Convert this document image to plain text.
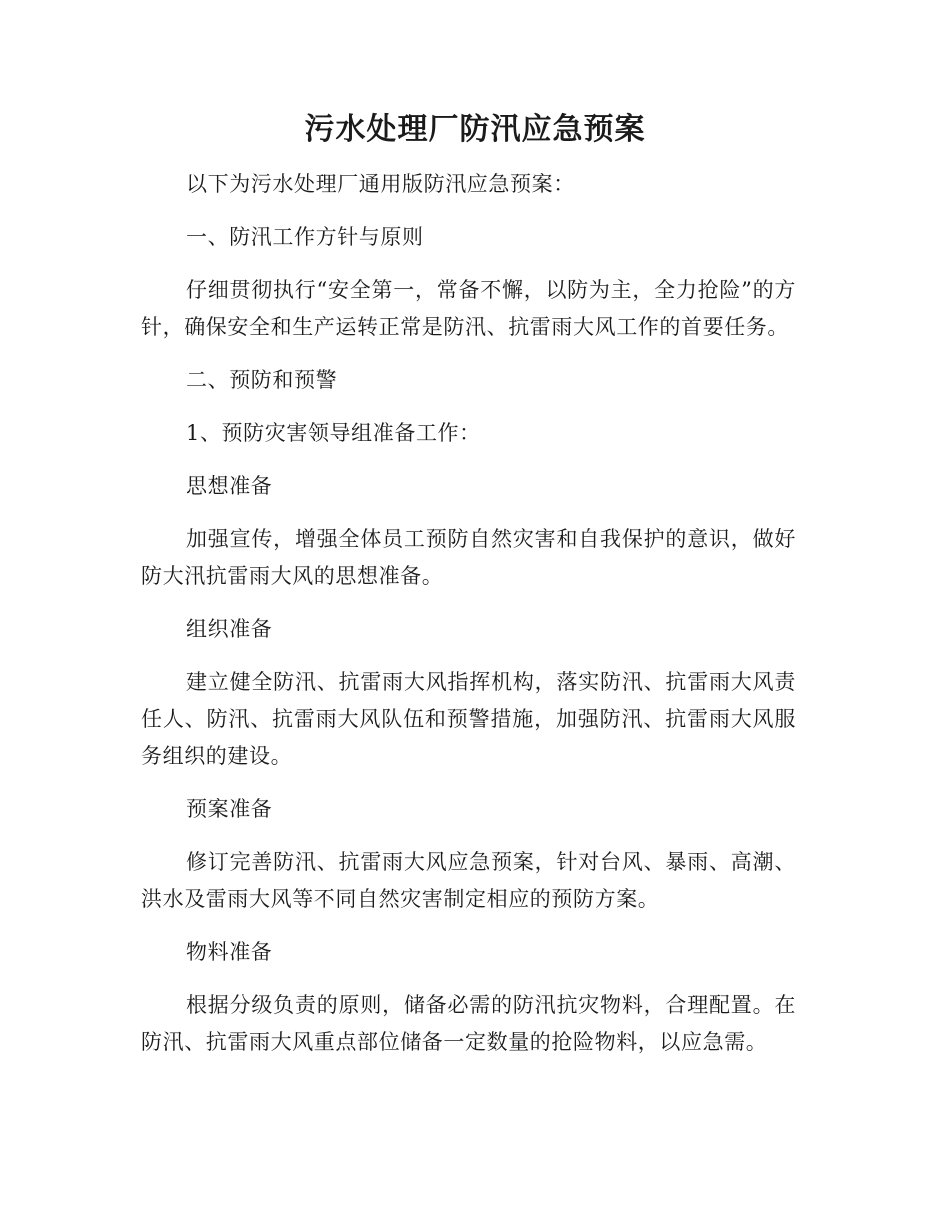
污水处理厂防汛应急预案

以下为污水处理厂通用版防汛应急预案：

一、防汛工作方针与原则

仔细贯彻执行“安全第一，常备不懈，以防为主，全力抢险”的方针，确保安全和生产运转正常是防汛、抗雷雨大风工作的首要任务。

二、预防和预警

1、预防灾害领导组准备工作：

思想准备

加强宣传，增强全体员工预防自然灾害和自我保护的意识，做好防大汛抗雷雨大风的思想准备。

组织准备

建立健全防汛、抗雷雨大风指挥机构，落实防汛、抗雷雨大风责任人、防汛、抗雷雨大风队伍和预警措施，加强防汛、抗雷雨大风服务组织的建设。

预案准备

修订完善防汛、抗雷雨大风应急预案，针对台风、暴雨、高潮、洪水及雷雨大风等不同自然灾害制定相应的预防方案。

物料准备

根据分级负责的原则，储备必需的防汛抗灾物料，合理配置。在防汛、抗雷雨大风重点部位储备一定数量的抢险物料，以应急需。
